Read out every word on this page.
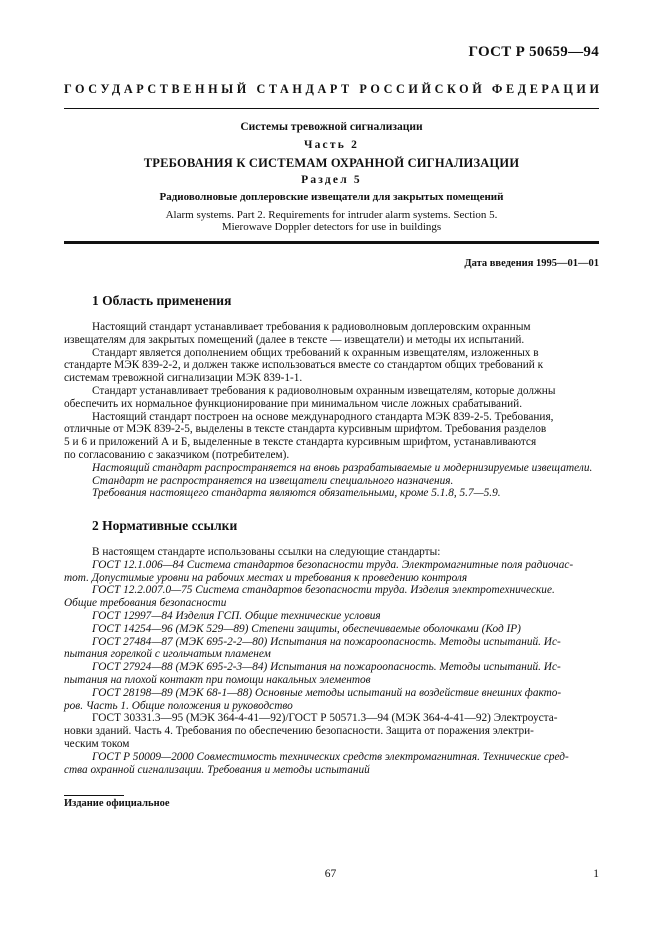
ГОСТ Р 50659—94
ГОСУДАРСТВЕННЫЙ СТАНДАРТ РОССИЙСКОЙ ФЕДЕРАЦИИ
Системы тревожной сигнализации
Часть 2
ТРЕБОВАНИЯ К СИСТЕМАМ ОХРАННОЙ СИГНАЛИЗАЦИИ
Раздел 5
Радиоволновые доплеровские извещатели для закрытых помещений
Alarm systems. Part 2. Requirements for intruder alarm systems. Section 5.
Mierowave Doppler detectors for use in buildings
Дата введения 1995—01—01
1 Область применения
Настоящий стандарт устанавливает требования к радиоволновым доплеровским охранным
извещателям для закрытых помещений (далее в тексте — извещатели) и методы их испытаний.
Стандарт является дополнением общих требований к охранным извещателям, изложенных в
стандарте МЭК 839-2-2, и должен также использоваться вместе со стандартом общих требований к
системам тревожной сигнализации МЭК 839-1-1.
Стандарт устанавливает требования к радиоволновым охранным извещателям, которые должны
обеспечить их нормальное функционирование при минимальном числе ложных срабатываний.
Настоящий стандарт построен на основе международного стандарта МЭК 839-2-5. Требования,
отличные от МЭК 839-2-5, выделены в тексте стандарта курсивным шрифтом. Требования разделов
5 и 6 и приложений А и Б, выделенные в тексте стандарта курсивным шрифтом, устанавливаются
по согласованию с заказчиком (потребителем).
Настоящий стандарт распространяется на вновь разрабатываемые и модернизируемые извещатели.
Стандарт не распространяется на извещатели специального назначения.
Требования настоящего стандарта являются обязательными, кроме 5.1.8, 5.7—5.9.
2 Нормативные ссылки
В настоящем стандарте использованы ссылки на следующие стандарты:
ГОСТ 12.1.006—84 Система стандартов безопасности труда. Электромагнитные поля радиочас-
тот. Допустимые уровни на рабочих местах и требования к проведению контроля
ГОСТ 12.2.007.0—75 Система стандартов безопасности труда. Изделия электротехнические.
Общие требования безопасности
ГОСТ 12997—84 Изделия ГСП. Общие технические условия
ГОСТ 14254—96 (МЭК 529—89) Степени защиты, обеспечиваемые оболочками (Код IP)
ГОСТ 27484—87 (МЭК 695-2-2—80) Испытания на пожароопасность. Методы испытаний. Ис-
пытания горелкой с игольчатым пламенем
ГОСТ 27924—88 (МЭК 695-2-3—84) Испытания на пожароопасность. Методы испытаний. Ис-
пытания на плохой контакт при помощи накальных элементов
ГОСТ 28198—89 (МЭК 68-1—88) Основные методы испытаний на воздействие внешних факто-
ров. Часть 1. Общие положения и руководство
ГОСТ 30331.3—95 (МЭК 364-4-41—92)/ГОСТ Р 50571.3—94 (МЭК 364-4-41—92) Электроуста-
новки зданий. Часть 4. Требования по обеспечению безопасности. Защита от поражения электри-
ческим током
ГОСТ Р 50009—2000 Совместимость технических средств электромагнитная. Технические сред-
ства охранной сигнализации. Требования и методы испытаний
Издание официальное
67	1
